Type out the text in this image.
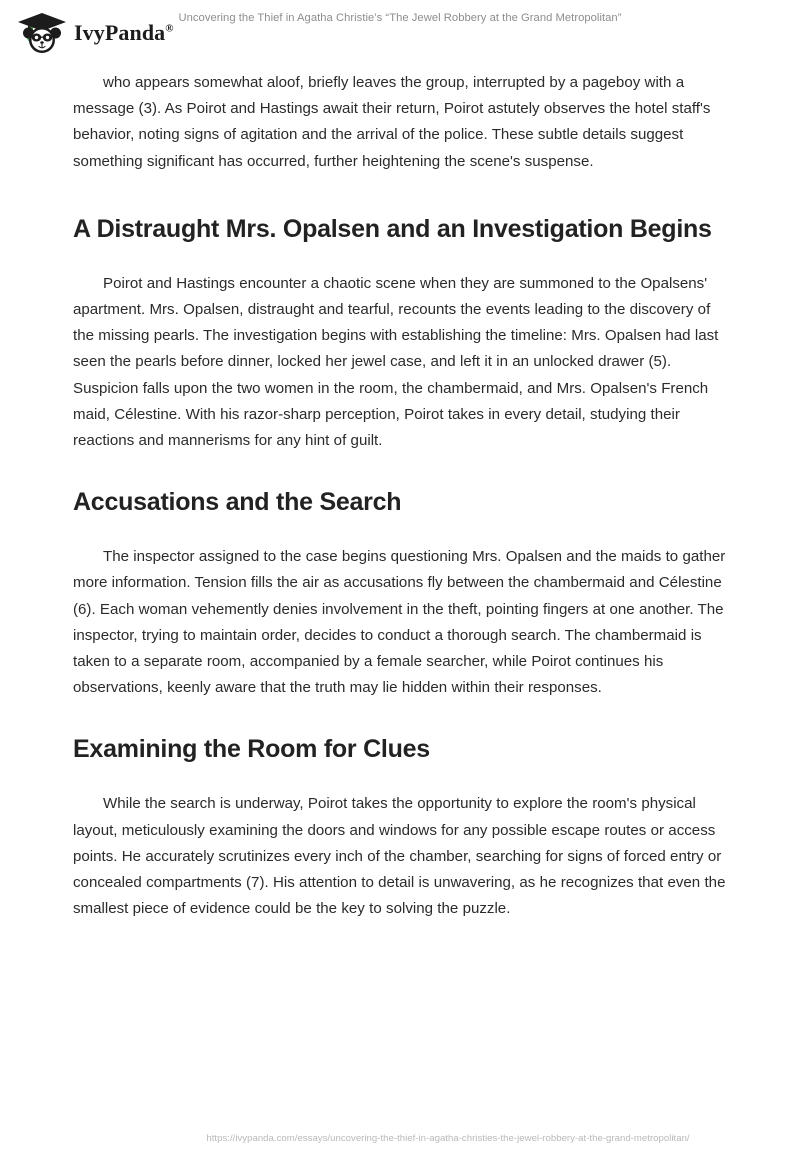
IvyPanda®
Uncovering the Thief in Agatha Christie’s “The Jewel Robbery at the Grand Metropolitan”

who appears somewhat aloof, briefly leaves the group, interrupted by a pageboy with a message (3). As Poirot and Hastings await their return, Poirot astutely observes the hotel staff's behavior, noting signs of agitation and the arrival of the police. These subtle details suggest something significant has occurred, further heightening the scene's suspense.

A Distraught Mrs. Opalsen and an Investigation Begins

Poirot and Hastings encounter a chaotic scene when they are summoned to the Opalsens' apartment. Mrs. Opalsen, distraught and tearful, recounts the events leading to the discovery of the missing pearls. The investigation begins with establishing the timeline: Mrs. Opalsen had last seen the pearls before dinner, locked her jewel case, and left it in an unlocked drawer (5). Suspicion falls upon the two women in the room, the chambermaid, and Mrs. Opalsen's French maid, Célestine. With his razor-sharp perception, Poirot takes in every detail, studying their reactions and mannerisms for any hint of guilt.

Accusations and the Search

The inspector assigned to the case begins questioning Mrs. Opalsen and the maids to gather more information. Tension fills the air as accusations fly between the chambermaid and Célestine (6). Each woman vehemently denies involvement in the theft, pointing fingers at one another. The inspector, trying to maintain order, decides to conduct a thorough search. The chambermaid is taken to a separate room, accompanied by a female searcher, while Poirot continues his observations, keenly aware that the truth may lie hidden within their responses.

Examining the Room for Clues

While the search is underway, Poirot takes the opportunity to explore the room's physical layout, meticulously examining the doors and windows for any possible escape routes or access points. He accurately scrutinizes every inch of the chamber, searching for signs of forced entry or concealed compartments (7). His attention to detail is unwavering, as he recognizes that even the smallest piece of evidence could be the key to solving the puzzle.

https://ivypanda.com/essays/uncovering-the-thief-in-agatha-christies-the-jewel-robbery-at-the-grand-metropolitan/
